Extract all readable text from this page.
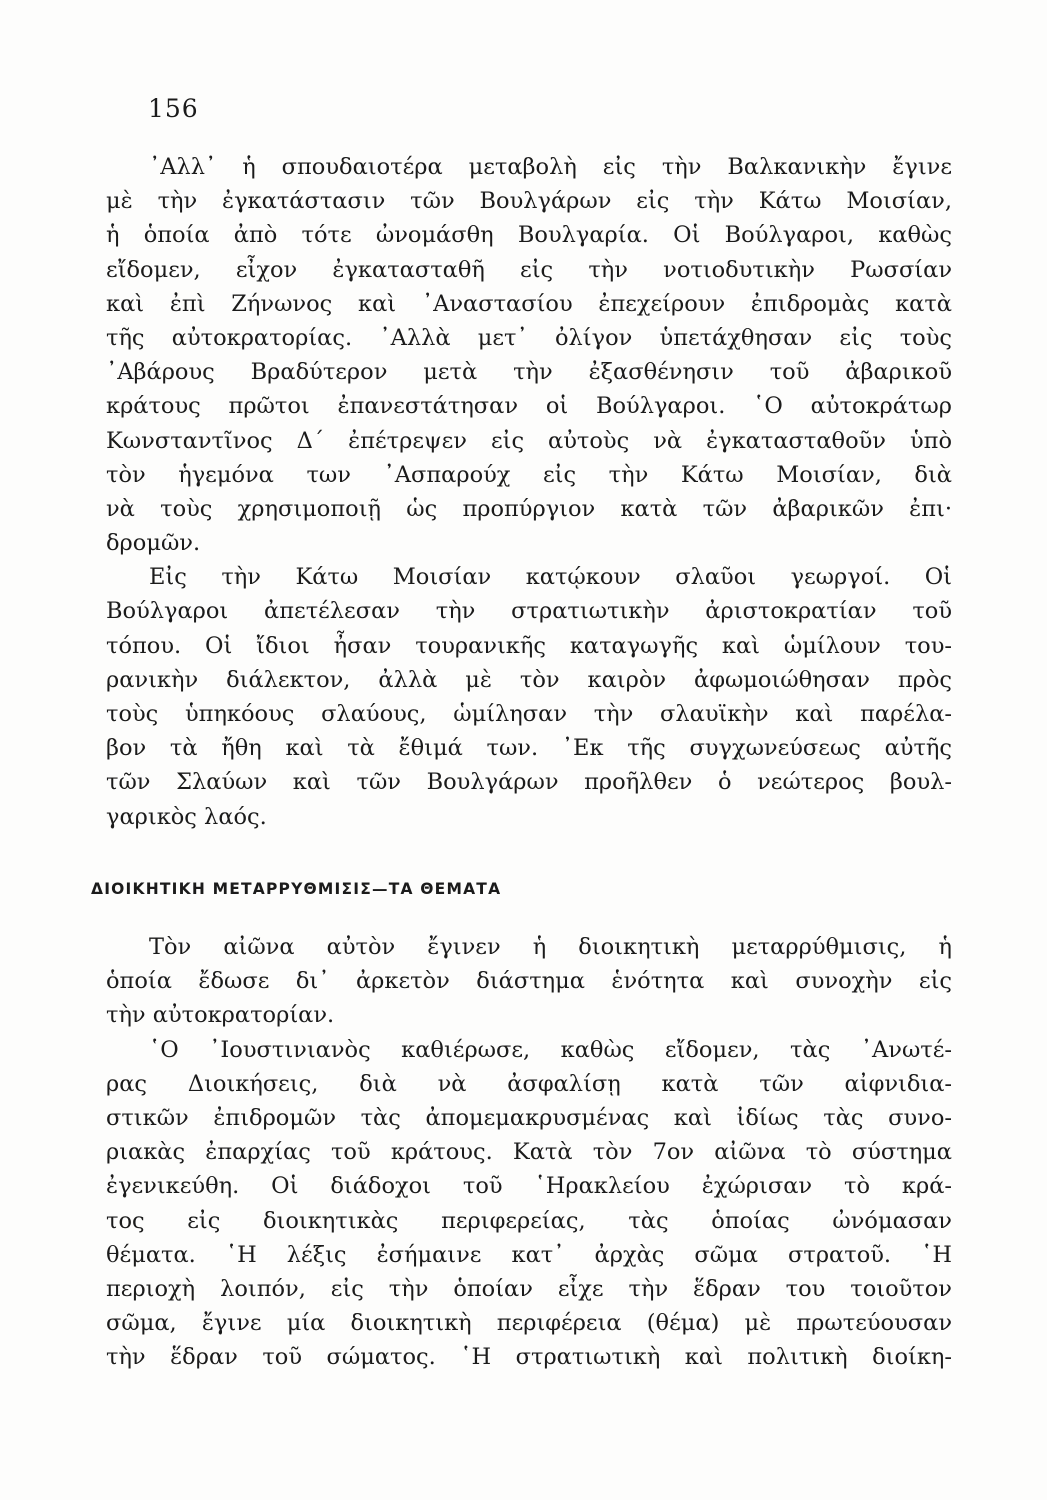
156
᾿Αλλ᾿ ἡ σπουδαιοτέρα μεταβολὴ εἰς τὴν Βαλκανικὴν ἔγινε
μὲ τὴν ἐγκατάστασιν τῶν Βουλγάρων εἰς τὴν Κάτω Μοισίαν,
ἡ ὁποία ἀπὸ τότε ὠνομάσθη Βουλγαρία. Οἱ Βούλγαροι, καθὼς
εἴδομεν, εἶχον ἐγκατασταθῆ εἰς τὴν νοτιοδυτικὴν Ρωσσίαν
καὶ ἐπὶ Ζήνωνος καὶ ᾿Αναστασίου ἐπεχείρουν ἐπιδρομὰς κατὰ
τῆς αὐτοκρατορίας. ᾿Αλλὰ μετ᾿ ὀλίγον ὑπετάχθησαν εἰς τοὺς
᾿Αβάρους Βραδύτερον μετὰ τὴν ἐξασθένησιν τοῦ ἀβαρικοῦ
κράτους πρῶτοι ἐπανεστάτησαν οἱ Βούλγαροι. ῾Ο αὐτοκράτωρ
Κωνσταντῖνος Δ΄ ἐπέτρεψεν εἰς αὐτοὺς νὰ ἐγκατασταθοῦν ὑπὸ
τὸν ἡγεμόνα των ᾿Ασπαρούχ εἰς τὴν Κάτω Μοισίαν, διὰ
νὰ τοὺς χρησιμοποιῇ ὡς προπύργιον κατὰ τῶν ἀβαρικῶν ἐπι·
δρομῶν.
Εἰς τὴν Κάτω Μοισίαν κατῴκουν σλαῦοι γεωργοί. Οἱ
Βούλγαροι ἀπετέλεσαν τὴν στρατιωτικὴν ἀριστοκρατίαν τοῦ
τόπου. Οἱ ἴδιοι ἦσαν τουρανικῆς καταγωγῆς καὶ ὡμίλουν του-
ρανικὴν διάλεκτον, ἀλλὰ μὲ τὸν καιρὸν ἀφωμοιώθησαν πρὸς
τοὺς ὑπηκόους σλαύους, ὡμίλησαν τὴν σλαυϊκὴν καὶ παρέλα-
βον τὰ ἤθη καὶ τὰ ἔθιμά των. ᾿Εκ τῆς συγχωνεύσεως αὐτῆς
τῶν Σλαύων καὶ τῶν Βουλγάρων προῆλθεν ὁ νεώτερος βουλ-
γαρικὸς λαός.
ΔΙΟΙΚΗΤΙΚΗ ΜΕΤΑΡΡΥΘΜΙΣΙΣ—ΤΑ ΘΕΜΑΤΑ
Τὸν αἰῶνα αὐτὸν ἔγινεν ἡ διοικητικὴ μεταρρύθμισις, ἡ
ὁποία ἔδωσε δι᾿ ἀρκετὸν διάστημα ἑνότητα καὶ συνοχὴν εἰς
τὴν αὐτοκρατορίαν.
῾Ο ᾿Ιουστινιανὸς καθιέρωσε, καθὼς εἴδομεν, τὰς ᾿Ανωτέ-
ρας Διοικήσεις, διὰ νὰ ἀσφαλίσῃ κατὰ τῶν αἰφνιδια-
στικῶν ἐπιδρομῶν τὰς ἀπομεμακρυσμένας καὶ ἰδίως τὰς συνο-
ριακὰς ἐπαρχίας τοῦ κράτους. Κατὰ τὸν 7ον αἰῶνα τὸ σύστημα
ἐγενικεύθη. Οἱ διάδοχοι τοῦ ῾Ηρακλείου ἐχώρισαν τὸ κρά-
τος εἰς διοικητικὰς περιφερείας, τὰς ὁποίας ὠνόμασαν
θέματα. ῾Η λέξις ἐσήμαινε κατ᾿ ἀρχὰς σῶμα στρατοῦ. ῾Η
περιοχὴ λοιπόν, εἰς τὴν ὁποίαν εἶχε τὴν ἕδραν του τοιοῦτον
σῶμα, ἔγινε μία διοικητικὴ περιφέρεια (θέμα) μὲ πρωτεύουσαν
τὴν ἕδραν τοῦ σώματος. ῾Η στρατιωτικὴ καὶ πολιτικὴ διοίκη-
